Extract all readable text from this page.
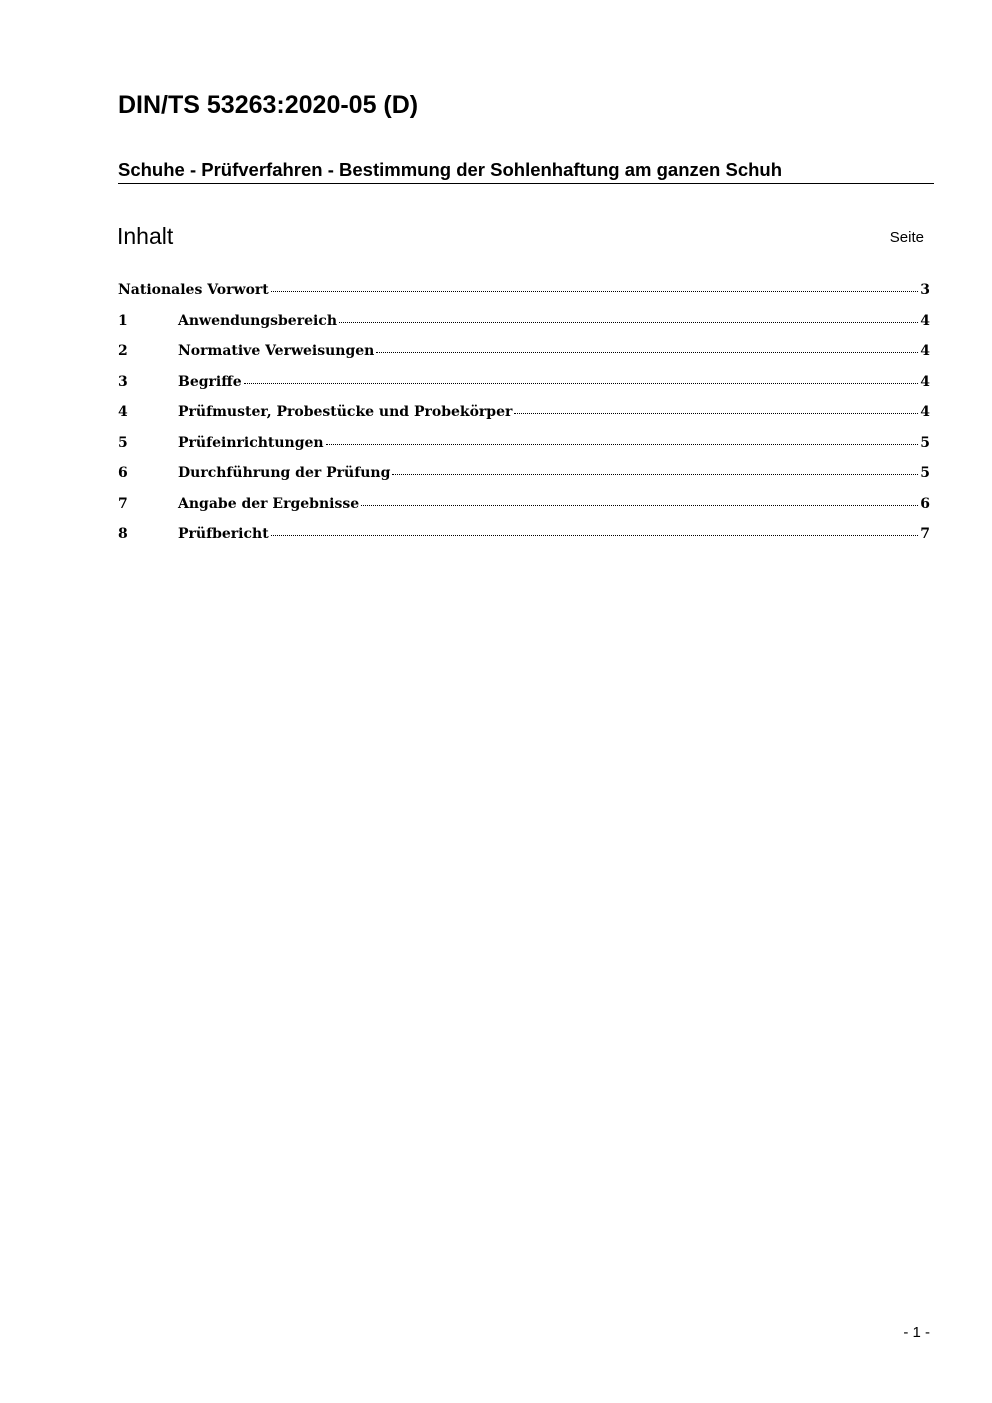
DIN/TS 53263:2020-05 (D)
Schuhe - Prüfverfahren - Bestimmung der Sohlenhaftung am ganzen Schuh
Inhalt	Seite
Nationales Vorwort	3
1	Anwendungsbereich	4
2	Normative Verweisungen	4
3	Begriffe	4
4	Prüfmuster, Probestücke und Probekörper	4
5	Prüfeinrichtungen	5
6	Durchführung der Prüfung	5
7	Angabe der Ergebnisse	6
8	Prüfbericht	7
- 1 -
